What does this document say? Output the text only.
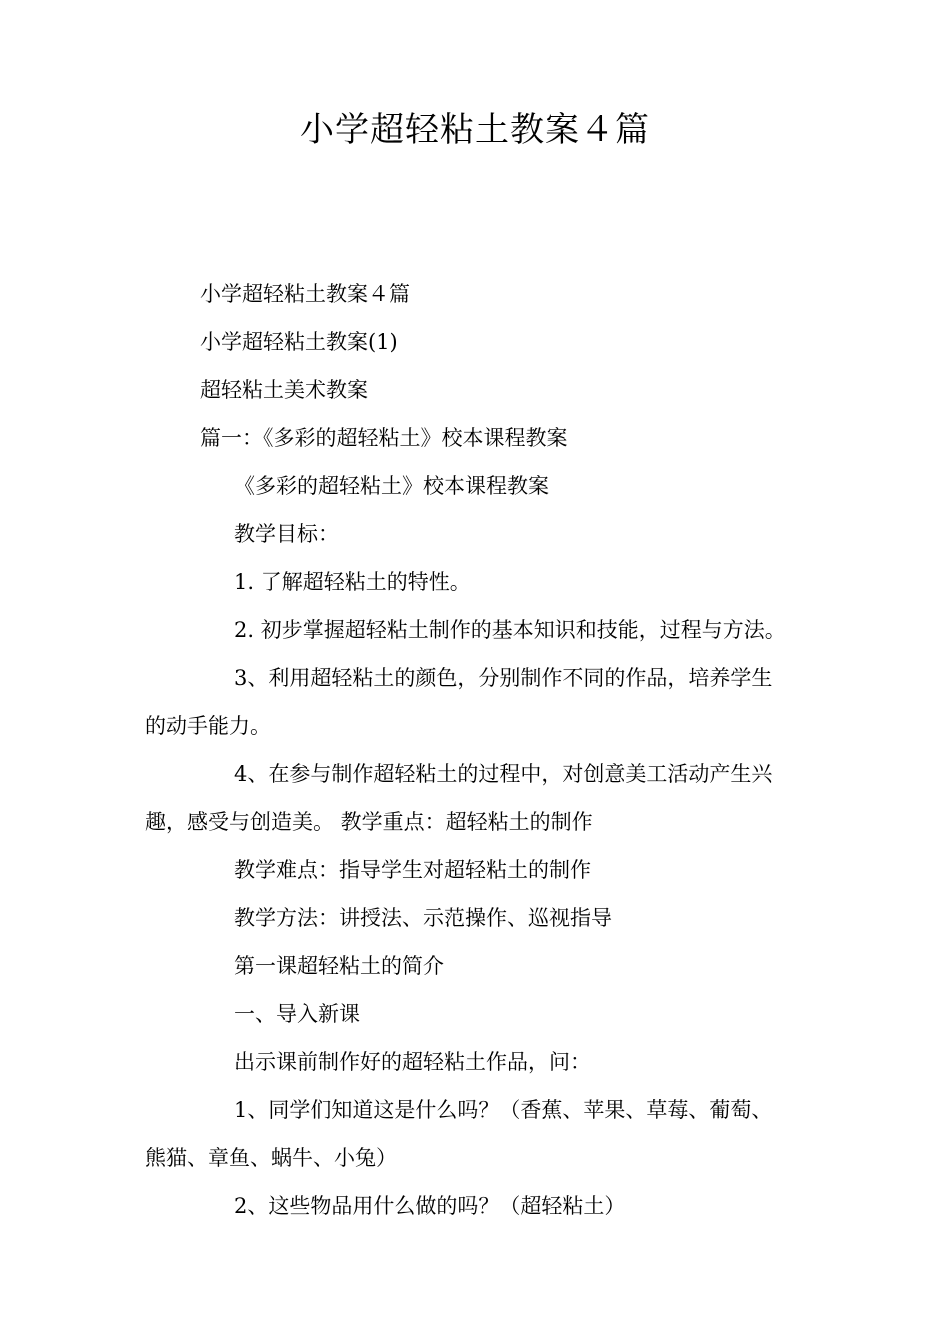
小学超轻粘土教案４篇
小学超轻粘土教案４篇
小学超轻粘土教案(1)
超轻粘土美术教案
篇一：《多彩的超轻粘土》校本课程教案
《多彩的超轻粘土》校本课程教案
教学目标：
1. 了解超轻粘土的特性。
2. 初步掌握超轻粘土制作的基本知识和技能，过程与方法。
3、利用超轻粘土的颜色，分别制作不同的作品，培养学生
的动手能力。
4、在参与制作超轻粘土的过程中，对创意美工活动产生兴
趣，感受与创造美。 教学重点：超轻粘土的制作
教学难点：指导学生对超轻粘土的制作
教学方法：讲授法、示范操作、巡视指导
第一课超轻粘土的简介
一、导入新课
出示课前制作好的超轻粘土作品，问：
1、同学们知道这是什么吗？（香蕉、苹果、草莓、葡萄、
熊猫、章鱼、蜗牛、小兔）
2、这些物品用什么做的吗？（超轻粘土）
